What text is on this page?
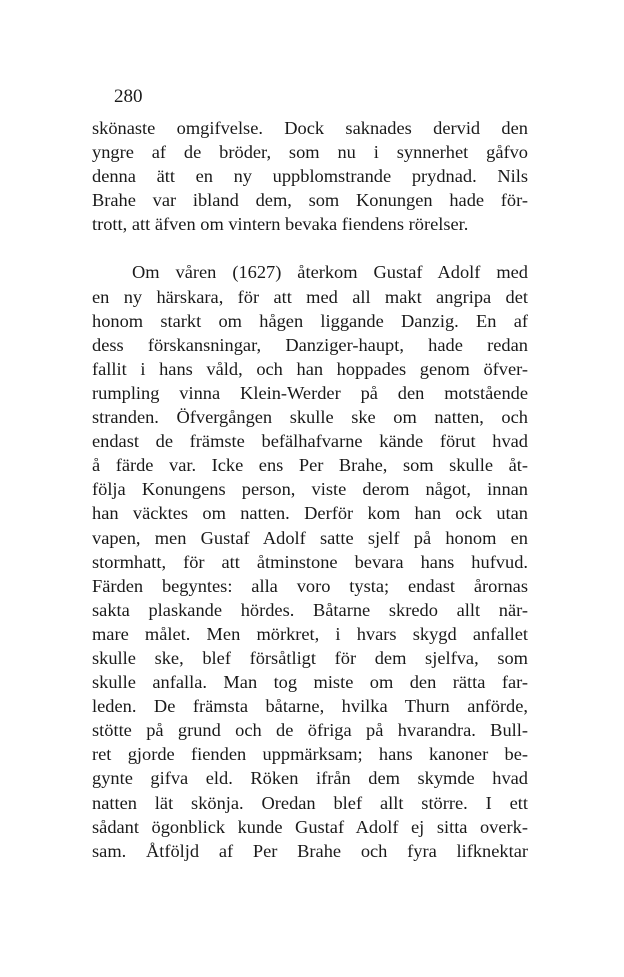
280
skönaste omgifvelse. Dock saknades dervid den
yngre af de bröder, som nu i synnerhet gåfvo
denna ätt en ny uppblomstrande prydnad. Nils
Brahe var ibland dem, som Konungen hade för-
trott, att äfven om vintern bevaka fiendens rörelser.
Om våren (1627) återkom Gustaf Adolf med
en ny härskara, för att med all makt angripa det
honom starkt om hågen liggande Danzig. En af
dess förskansningar, Danziger-haupt, hade redan
fallit i hans våld, och han hoppades genom öfver-
rumpling vinna Klein-Werder på den motstående
stranden. Öfvergången skulle ske om natten, och
endast de främste befälhafvarne kände förut hvad
å färde var. Icke ens Per Brahe, som skulle åt-
följa Konungens person, viste derom något, innan
han väcktes om natten. Derför kom han ock utan
vapen, men Gustaf Adolf satte sjelf på honom en
stormhatt, för att åtminstone bevara hans hufvud.
Färden begyntes: alla voro tysta; endast årornas
sakta plaskande hördes. Båtarne skredo allt när-
mare målet. Men mörkret, i hvars skygd anfallet
skulle ske, blef försåtligt för dem sjelfva, som
skulle anfalla. Man tog miste om den rätta far-
leden. De främsta båtarne, hvilka Thurn anförde,
stötte på grund och de öfriga på hvarandra. Bull-
ret gjorde fienden uppmärksam; hans kanoner be-
gynte gifva eld. Röken ifrån dem skymde hvad
natten lät skönja. Oredan blef allt större. I ett
sådant ögonblick kunde Gustaf Adolf ej sitta overk-
sam. Åtföljd af Per Brahe och fyra lifknektar
